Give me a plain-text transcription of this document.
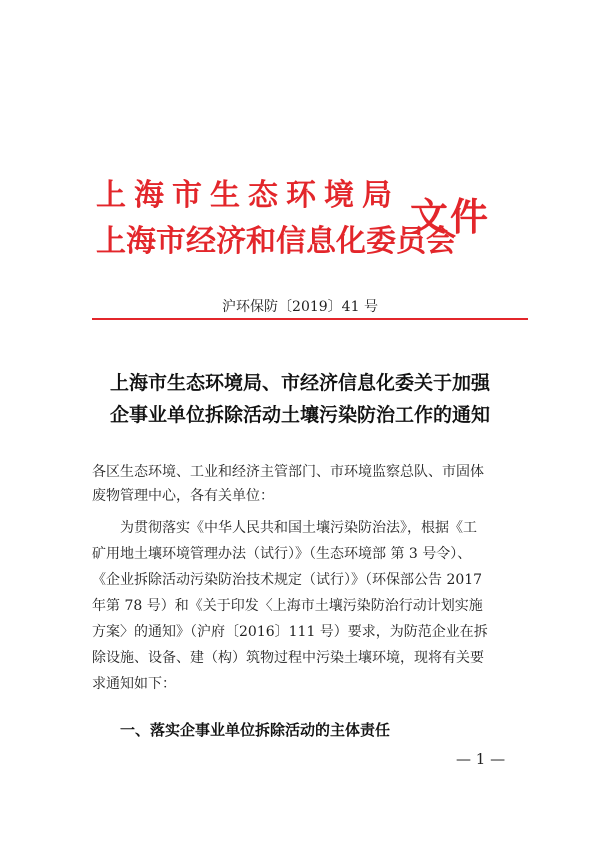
上海市生态环境局
上海市经济和信息化委员会
文件
沪环保防〔2019〕41 号
上海市生态环境局、市经济信息化委关于加强
企事业单位拆除活动土壤污染防治工作的通知
各区生态环境、工业和经济主管部门、市环境监察总队、市固体
废物管理中心，各有关单位：
为贯彻落实《中华人民共和国土壤污染防治法》，根据《工
矿用地土壤环境管理办法（试行）》（生态环境部 第 3 号令）、
《企业拆除活动污染防治技术规定（试行）》（环保部公告 2017
年第 78 号）和《关于印发〈上海市土壤污染防治行动计划实施
方案〉的通知》（沪府〔2016〕111 号）要求，为防范企业在拆
除设施、设备、建（构）筑物过程中污染土壤环境，现将有关要
求通知如下：
一、落实企事业单位拆除活动的主体责任
— 1 —
